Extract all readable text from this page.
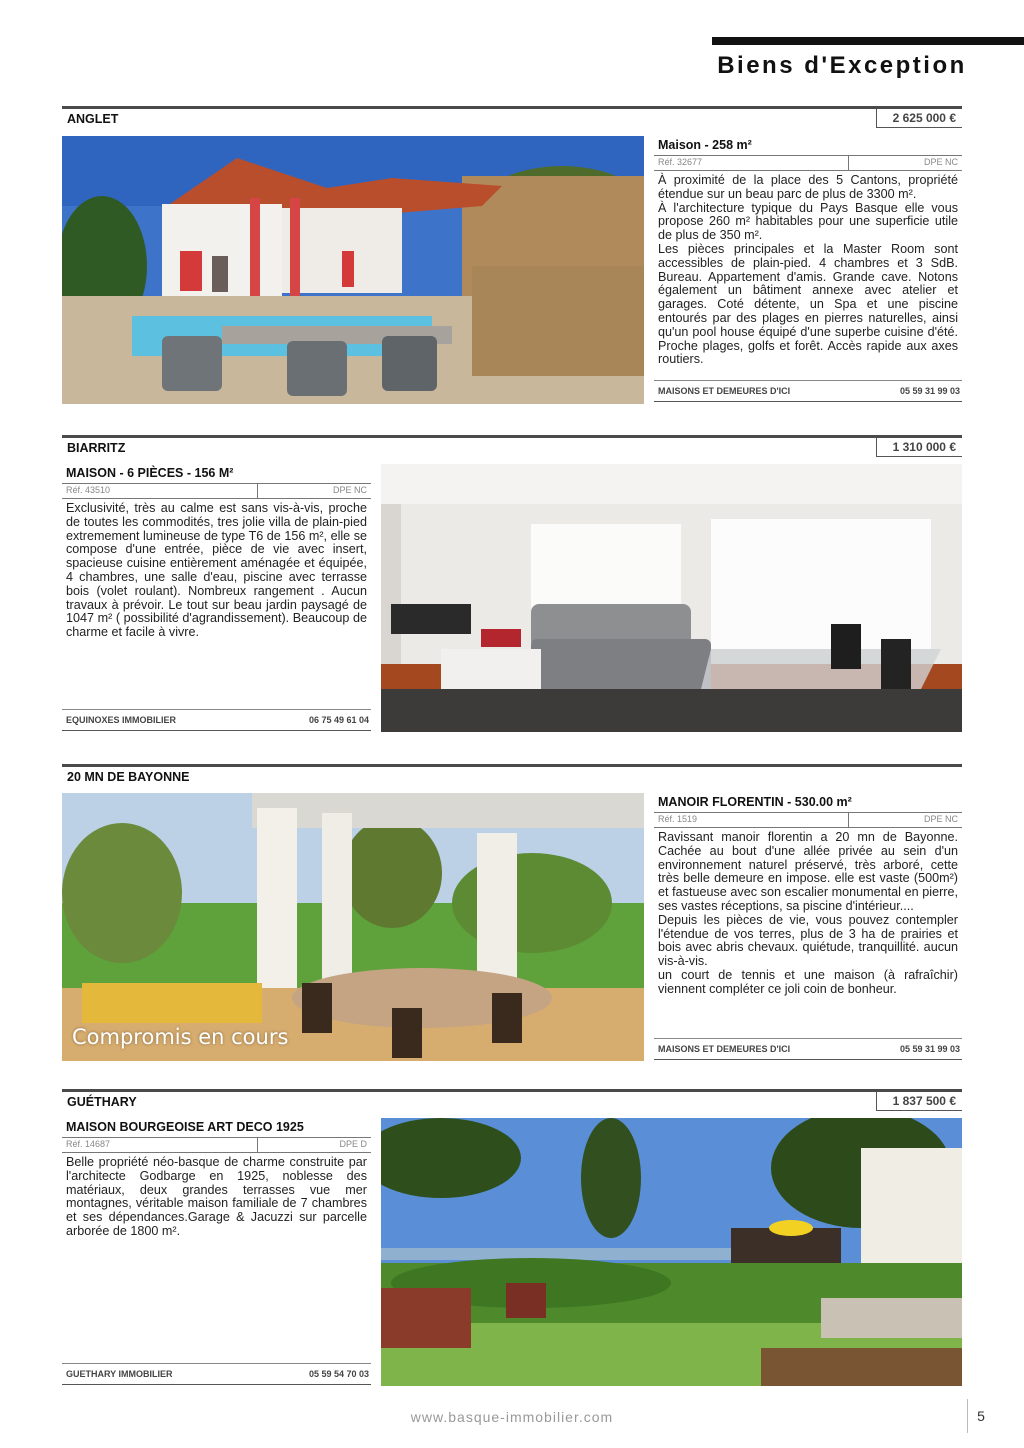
Biens d'Exception
ANGLET	2 625 000 €
Maison - 258 m²
Réf. 32677	DPE NC

À proximité de la place des 5 Cantons, propriété étendue sur un beau parc de plus de 3300 m².

À l'architecture typique du Pays Basque elle vous propose 260 m² habitables pour une superficie utile de plus de 350 m².

Les pièces principales et la Master Room sont accessibles de plain-pied. 4 chambres et 3 SdB. Bureau. Appartement d'amis. Grande cave. Notons également un bâtiment annexe avec atelier et garages. Coté détente, un Spa et une piscine entourés par des plages en pierres naturelles, ainsi qu'un pool house équipé d'une superbe cuisine d'été. Proche plages, golfs et forêt. Accès rapide aux axes routiers.

MAISONS ET DEMEURES D'ICI	05 59 31 99 03
BIARRITZ	1 310 000 €
MAISON - 6 PIÈCES - 156 M²
Réf. 43510	DPE NC

Exclusivité, très au calme est sans vis-à-vis, proche de toutes les commodités, tres jolie villa de plain-pied extremement lumineuse de type T6 de 156 m², elle se compose d'une entrée, pièce de vie avec insert, spacieuse cuisine entièrement aménagée et équipée, 4 chambres, une salle d'eau, piscine avec terrasse bois (volet roulant). Nombreux rangement . Aucun travaux à prévoir. Le tout sur beau jardin paysagé de 1047 m² ( possibilité d'agrandissement). Beaucoup de charme et facile à vivre.

EQUINOXES IMMOBILIER	06 75 49 61 04
20 MN DE BAYONNE
Compromis en cours
MANOIR FLORENTIN - 530.00 m²
Réf. 1519	DPE NC

Ravissant manoir florentin a 20 mn de Bayonne. Cachée au bout d'une allée privée au sein d'un environnement naturel préservé, très arboré, cette très belle demeure en impose. elle est vaste (500m²) et fastueuse avec son escalier monumental en pierre, ses vastes réceptions, sa piscine d'intérieur....

Depuis les pièces de vie, vous pouvez contempler l'étendue de vos terres, plus de 3 ha de prairies et bois avec abris chevaux. quiétude, tranquillité. aucun vis-à-vis.

un court de tennis et une maison (à rafraîchir) viennent compléter ce joli coin de bonheur.

MAISONS ET DEMEURES D'ICI	05 59 31 99 03
GUÉTHARY	1 837 500 €
MAISON BOURGEOISE ART DECO 1925
Réf. 14687	DPE D

Belle propriété néo-basque de charme construite par l'architecte Godbarge en 1925, noblesse des matériaux, deux grandes terrasses vue mer montagnes, véritable maison familiale de 7 chambres et ses dépendances.Garage & Jacuzzi sur parcelle arborée de 1800 m².

GUETHARY IMMOBILIER	05 59 54 70 03
www.basque-immobilier.com	5
